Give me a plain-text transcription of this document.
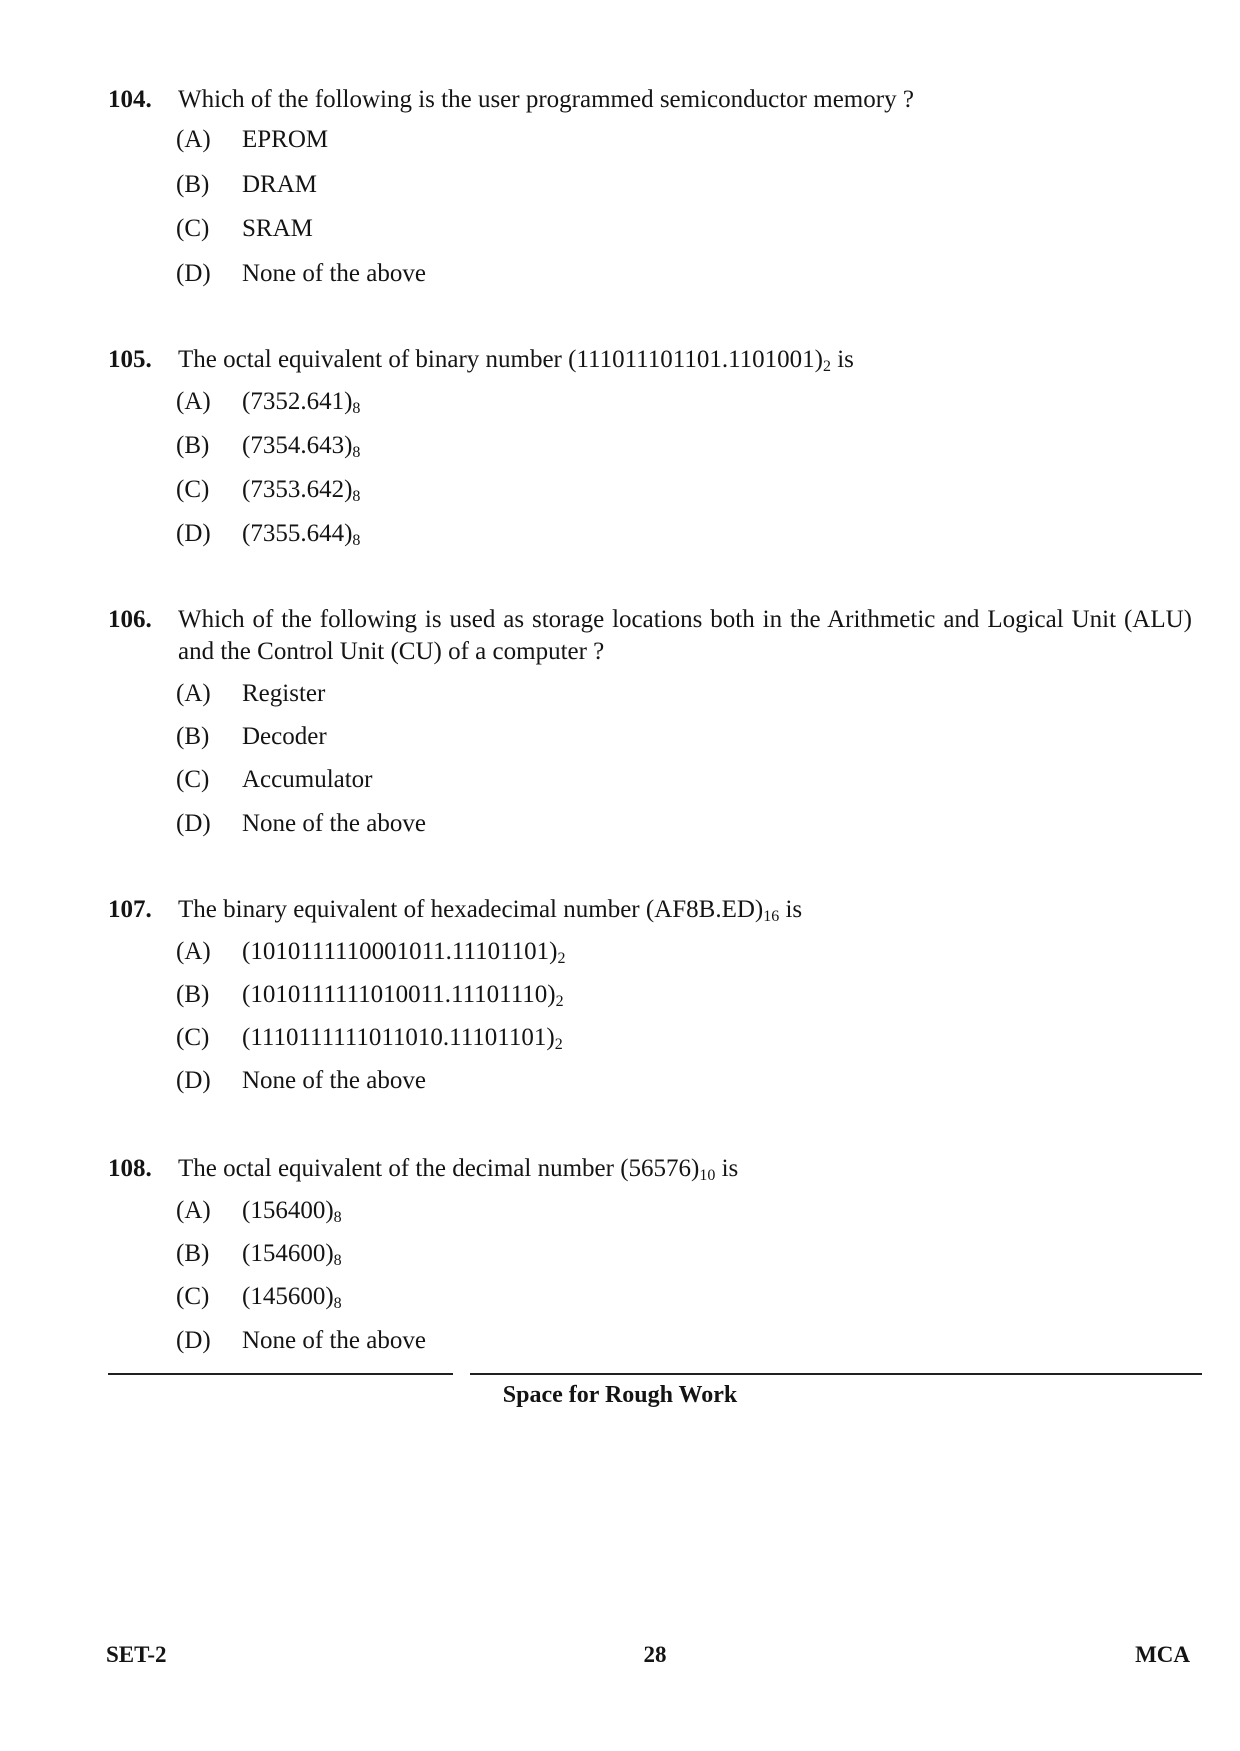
104. Which of the following is the user programmed semiconductor memory ?
(A) EPROM
(B) DRAM
(C) SRAM
(D) None of the above
105. The octal equivalent of binary number $(111011101101.1101001)_2$ is
(A) $(7352.641)_8$
(B) $(7354.643)_8$
(C) $(7353.642)_8$
(D) $(7355.644)_8$
106. Which of the following is used as storage locations both in the Arithmetic and Logical Unit (ALU) and the Control Unit (CU) of a computer ?
(A) Register
(B) Decoder
(C) Accumulator
(D) None of the above
107. The binary equivalent of hexadecimal number $(AF8B.ED)_{16}$ is
(A) $(1010111110001011.11101101)_2$
(B) $(1010111111010011.11101110)_2$
(C) $(1110111111011010.11101101)_2$
(D) None of the above
108. The octal equivalent of the decimal number $(56576)_{10}$ is
(A) $(156400)_8$
(B) $(154600)_8$
(C) $(145600)_8$
(D) None of the above
Space for Rough Work
SET-2	28	MCA
